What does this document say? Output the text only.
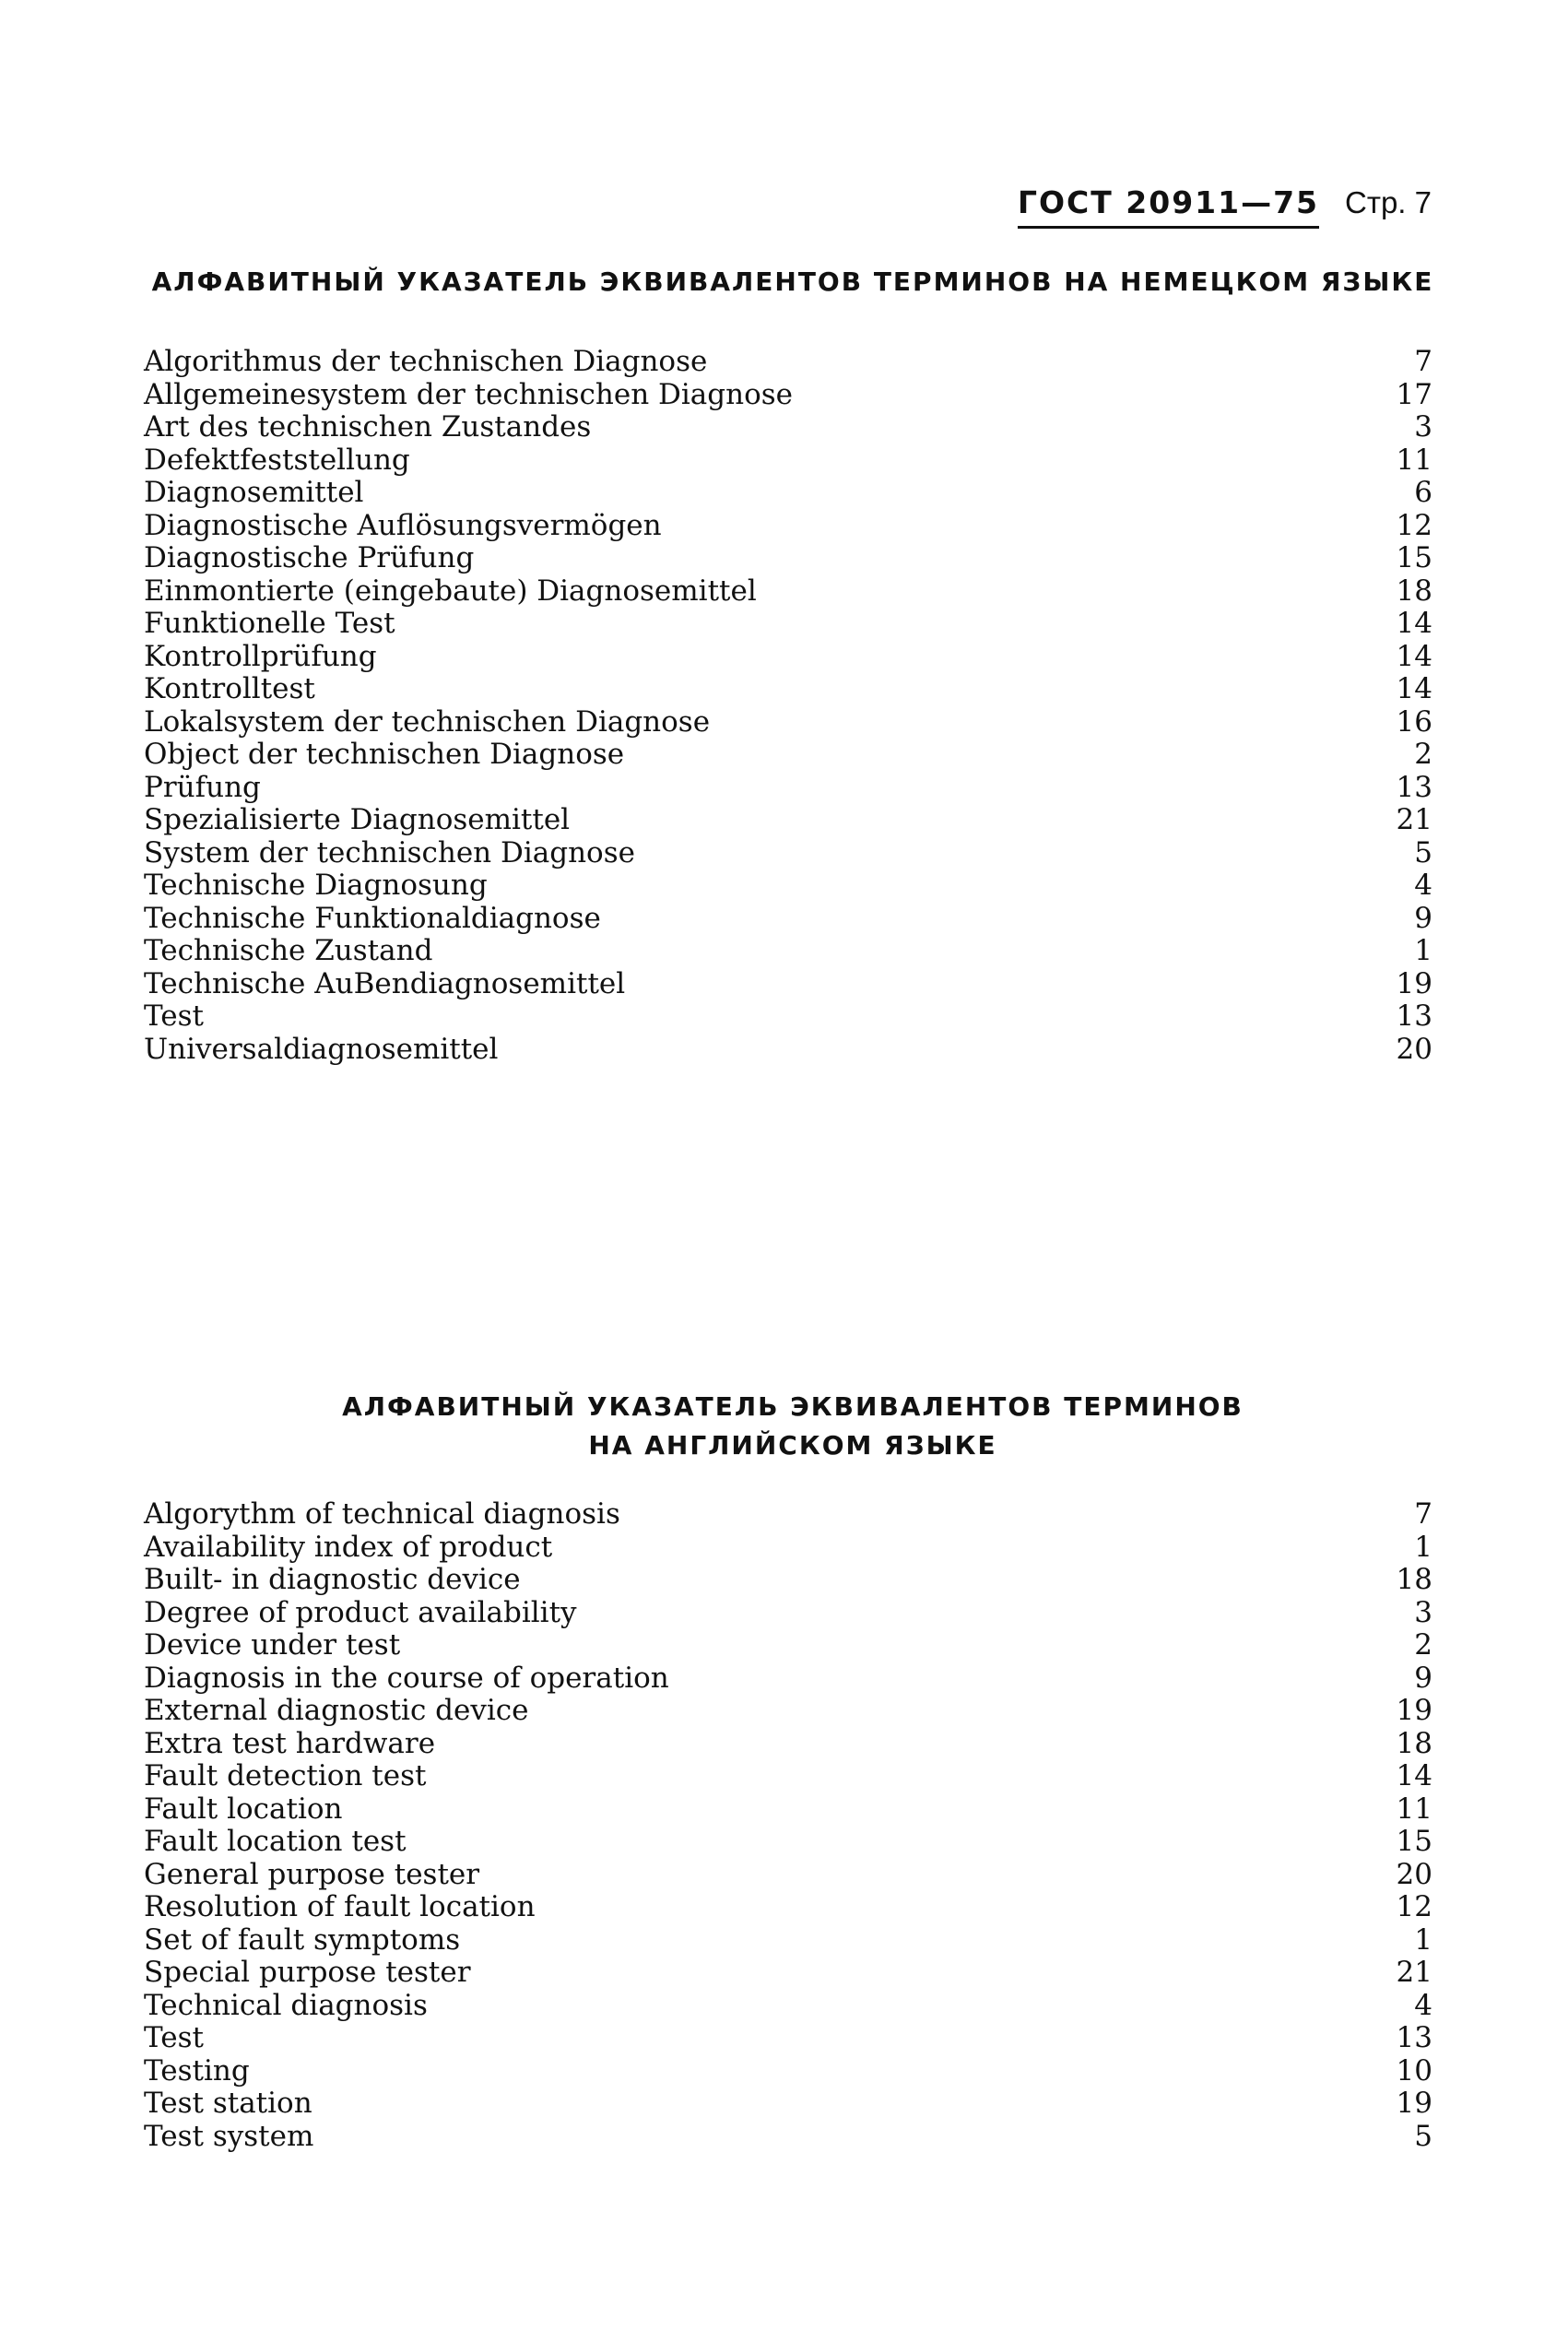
ГОСТ 20911—75 Стр. 7
АЛФАВИТНЫЙ УКАЗАТЕЛЬ ЭКВИВАЛЕНТОВ ТЕРМИНОВ НА НЕМЕЦКОМ ЯЗЫКЕ
Algorithmus der technischen Diagnose	7
Allgemeinesystem der technischen Diagnose	17
Art des technischen Zustandes	3
Defektfeststellung	11
Diagnosemittel	6
Diagnostische Auflösungsvermögen	12
Diagnostische Prüfung	15
Einmontierte (eingebaute) Diagnosemittel	18
Funktionelle Test	14
Kontrollprüfung	14
Kontrolltest	14
Lokalsystem der technischen Diagnose	16
Object der technischen Diagnose	2
Prüfung	13
Spezialisierte Diagnosemittel	21
System der technischen Diagnose	5
Technische Diagnosung	4
Technische Funktionaldiagnose	9
Technische Zustand	1
Technische AuBendiagnosemittel	19
Test	13
Universaldiagnosemittel	20
АЛФАВИТНЫЙ УКАЗАТЕЛЬ ЭКВИВАЛЕНТОВ ТЕРМИНОВ
НА АНГЛИЙСКОМ ЯЗЫКЕ
Algorythm of technical diagnosis	7
Availability index of product	1
Built- in diagnostic device	18
Degree of product availability	3
Device under test	2
Diagnosis in the course of operation	9
External diagnostic device	19
Extra test hardware	18
Fault detection test	14
Fault location	11
Fault location test	15
General purpose tester	20
Resolution of fault location	12
Set of fault symptoms	1
Special purpose tester	21
Technical diagnosis	4
Test	13
Testing	10
Test station	19
Test system	5
